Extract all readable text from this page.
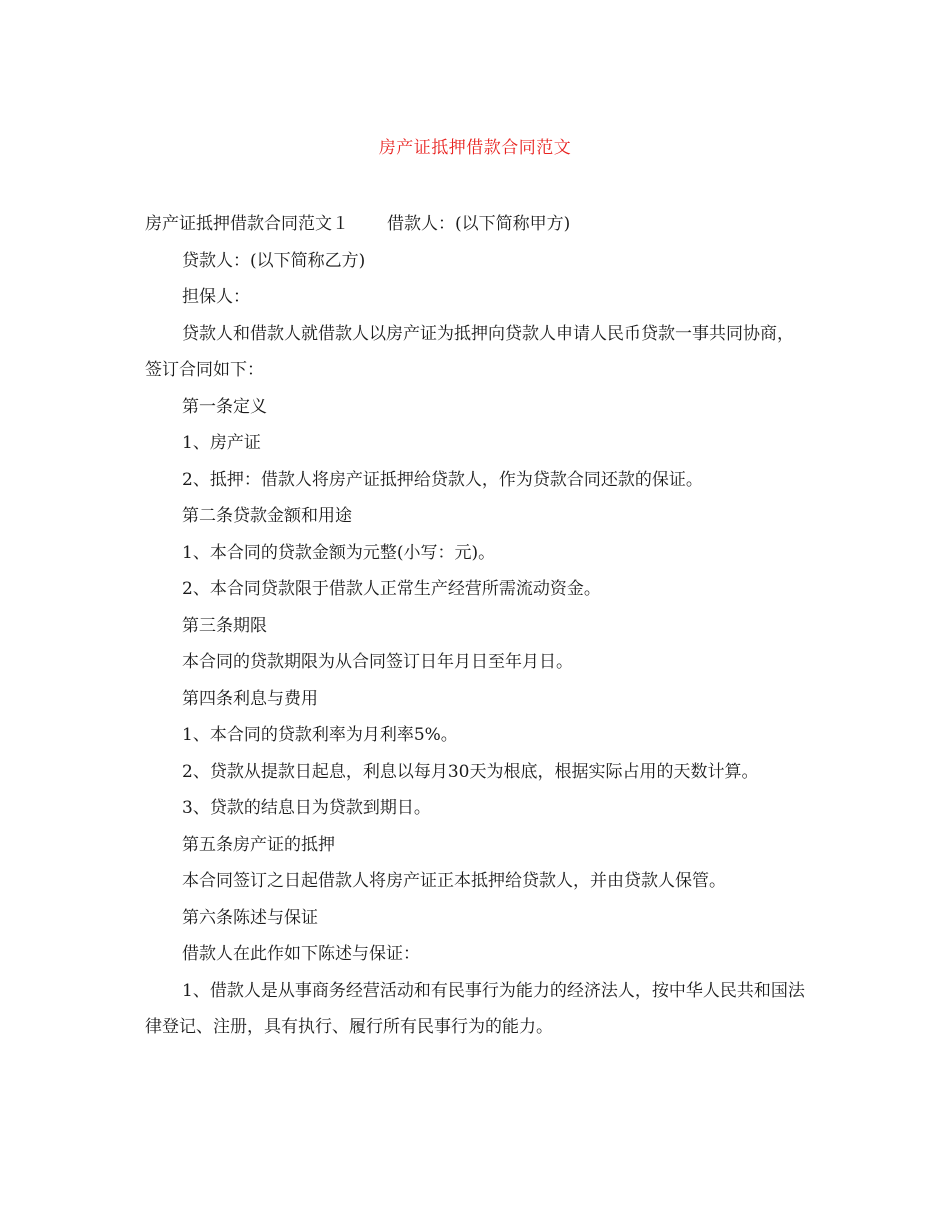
房产证抵押借款合同范文

房产证抵押借款合同范文１ 借款人：(以下简称甲方)

贷款人：(以下简称乙方)

担保人：

贷款人和借款人就借款人以房产证为抵押向贷款人申请人民币贷款一事共同协商，签订合同如下：

第一条定义

1、房产证

2、抵押：借款人将房产证抵押给贷款人，作为贷款合同还款的保证。

第二条贷款金额和用途

1、本合同的贷款金额为元整(小写：元)。

2、本合同贷款限于借款人正常生产经营所需流动资金。

第三条期限

本合同的贷款期限为从合同签订日年月日至年月日。

第四条利息与费用

1、本合同的贷款利率为月利率5%。

2、贷款从提款日起息，利息以每月30天为根底，根据实际占用的天数计算。

3、贷款的结息日为贷款到期日。

第五条房产证的抵押

本合同签订之日起借款人将房产证正本抵押给贷款人，并由贷款人保管。

第六条陈述与保证

借款人在此作如下陈述与保证：

1、借款人是从事商务经营活动和有民事行为能力的经济法人，按中华人民共和国法律登记、注册，具有执行、履行所有民事行为的能力。
